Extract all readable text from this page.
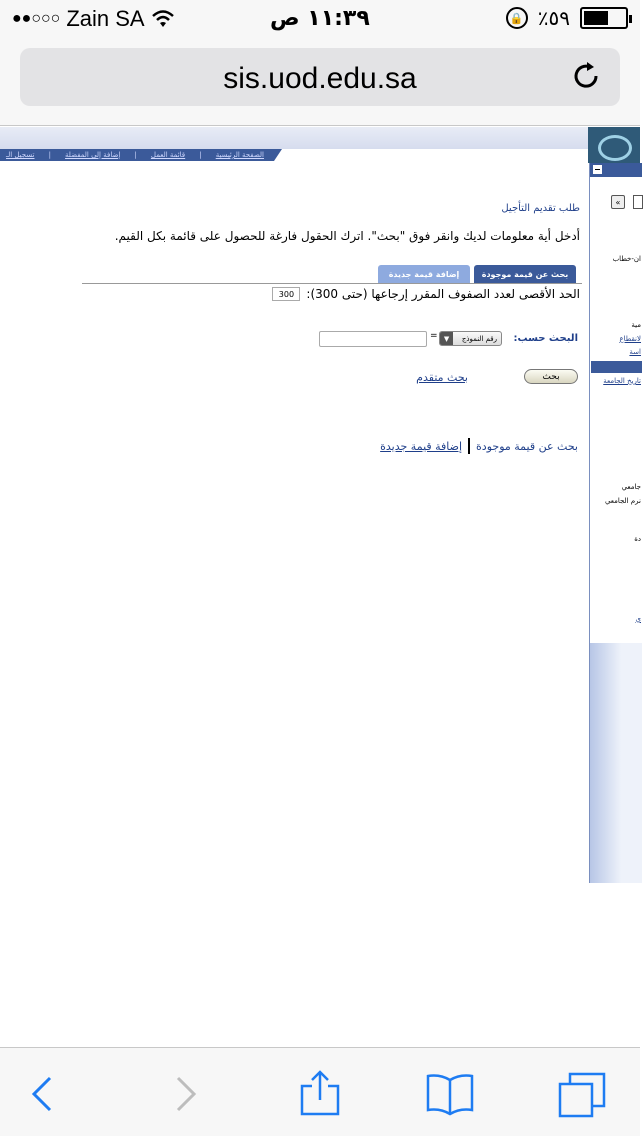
●●○○○ Zain SA	١١:٣٩ ص	🔒 ٪٥٩
sis.uod.edu.sa
الصفحة الرئيسية
|
قائمة العمل
|
إضافة إلى المفضلة
|
تسجيل الـ
طلب تقديم التأجيل
أدخل أية معلومات لديك وانقر فوق "بحث". اترك الحقول فارغة للحصول على قائمة بكل القيم.
بحث عن قيمة موجودة
إضافة قيمة جديدة
الحد الأقصى لعدد الصفوف المقرر إرجاعها (حتى 300):
300
البحث حسب:
رقم النموذج
▼
=
بحث
بحث متقدم
بحث عن قيمة موجودة
إضافة قيمة جديدة
«
ان-خطاب
مية
لانقطاع
اسة
تاريخ الجامعة
جامعي
نرم الجامعي
دة
ي
